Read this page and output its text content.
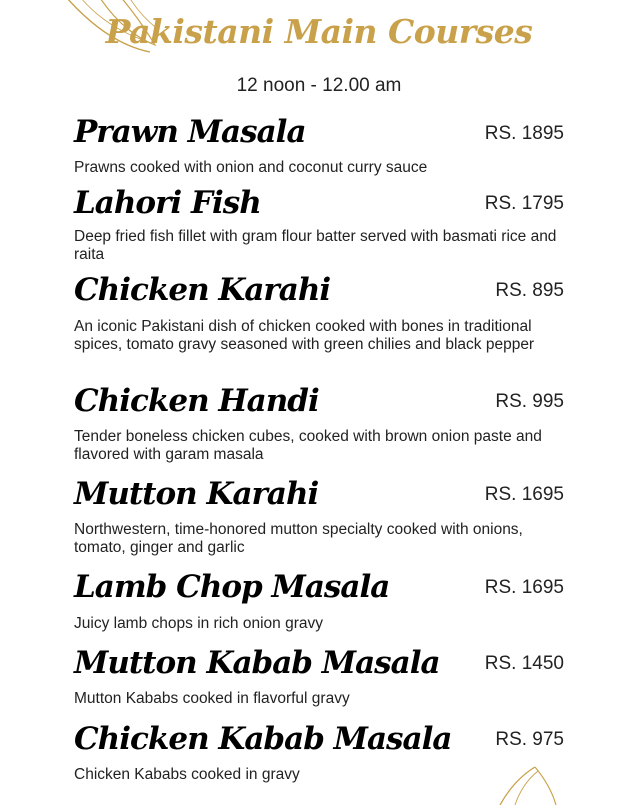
Pakistani Main Courses
12 noon - 12.00 am
Prawn Masala	RS. 1895
Prawns cooked with onion and coconut curry sauce
Lahori Fish	RS. 1795
Deep fried fish fillet with gram flour batter served with basmati rice and raita
Chicken Karahi	RS. 895
An iconic Pakistani dish of chicken cooked with bones in traditional spices, tomato gravy seasoned with green chilies and black pepper
Chicken Handi	RS. 995
Tender boneless chicken cubes, cooked with brown onion paste and flavored with garam masala
Mutton Karahi	RS. 1695
Northwestern, time-honored mutton specialty cooked with onions, tomato, ginger and garlic
Lamb Chop Masala	RS. 1695
Juicy lamb chops in rich onion gravy
Mutton Kabab Masala RS. 1450
Mutton Kababs cooked in flavorful gravy
Chicken Kabab Masala RS. 975
Chicken Kababs cooked in gravy
